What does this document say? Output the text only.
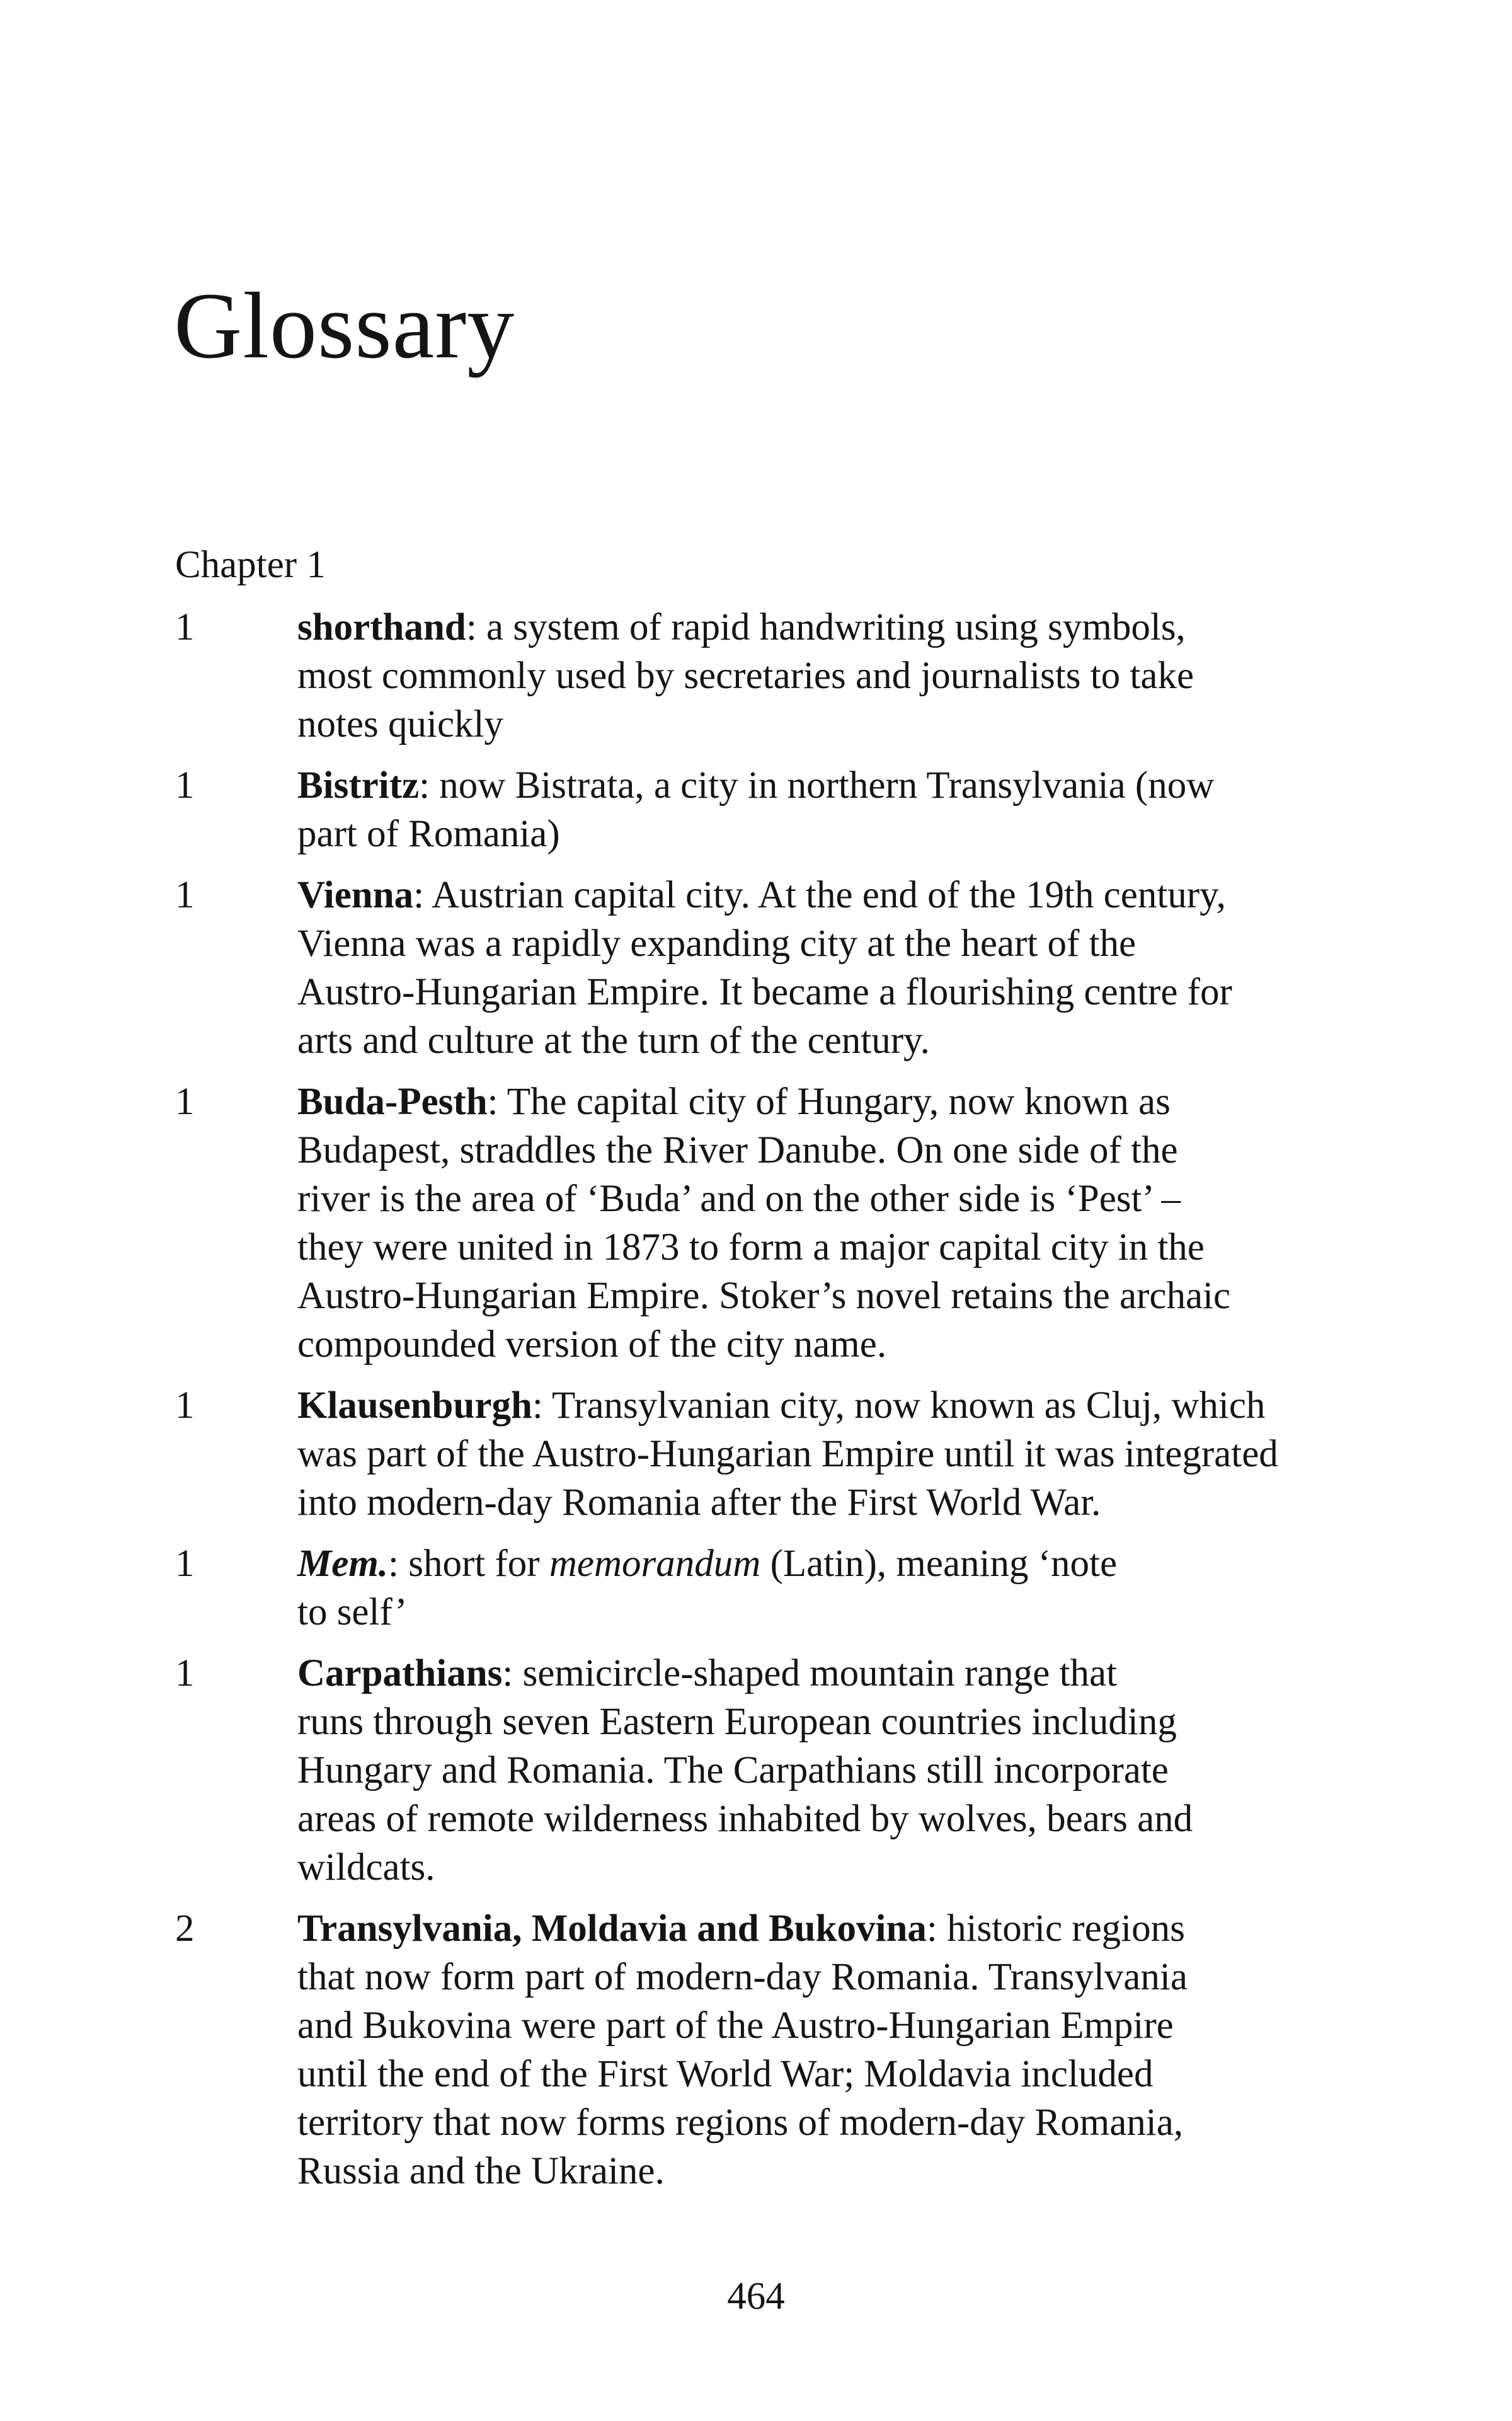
Glossary
Chapter 1
1	shorthand: a system of rapid handwriting using symbols,
most commonly used by secretaries and journalists to take
notes quickly
1	Bistritz: now Bistrata, a city in northern Transylvania (now
part of Romania)
1	Vienna: Austrian capital city. At the end of the 19th century,
Vienna was a rapidly expanding city at the heart of the
Austro-Hungarian Empire. It became a flourishing centre for
arts and culture at the turn of the century.
1	Buda-Pesth: The capital city of Hungary, now known as
Budapest, straddles the River Danube. On one side of the
river is the area of ‘Buda’ and on the other side is ‘Pest’ –
they were united in 1873 to form a major capital city in the
Austro-Hungarian Empire. Stoker’s novel retains the archaic
compounded version of the city name.
1	Klausenburgh: Transylvanian city, now known as Cluj, which
was part of the Austro-Hungarian Empire until it was integrated
into modern-day Romania after the First World War.
1	Mem.: short for memorandum (Latin), meaning ‘note
to self’
1	Carpathians: semicircle-shaped mountain range that
runs through seven Eastern European countries including
Hungary and Romania. The Carpathians still incorporate
areas of remote wilderness inhabited by wolves, bears and
wildcats.
2	Transylvania, Moldavia and Bukovina: historic regions
that now form part of modern-day Romania. Transylvania
and Bukovina were part of the Austro-Hungarian Empire
until the end of the First World War; Moldavia included
territory that now forms regions of modern-day Romania,
Russia and the Ukraine.
464
